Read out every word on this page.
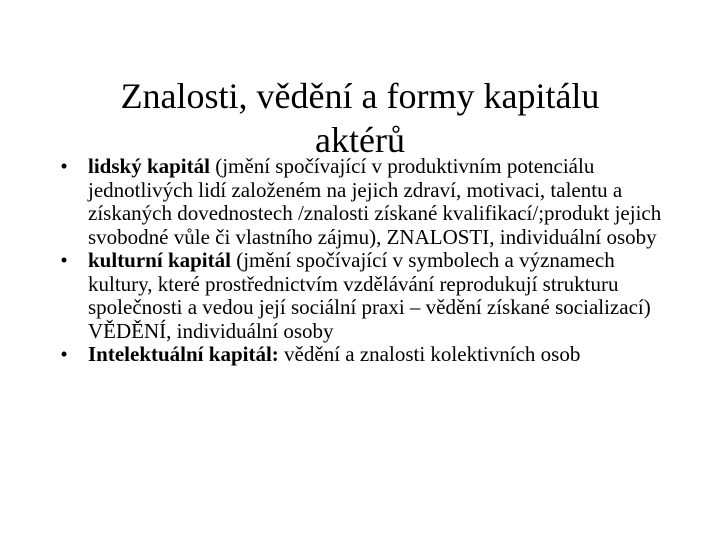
Znalosti, vědění a formy kapitálu
aktérů
• lidský kapitál (jmění spočívající v produktivním potenciálu jednotlivých lidí založeném na jejich zdraví, motivaci, talentu a získaných dovednostech /znalosti získané kvalifikací/;produkt jejich svobodné vůle či vlastního zájmu), ZNALOSTI, individuální osoby
• kulturní kapitál (jmění spočívající v symbolech a významech kultury, které prostřednictvím vzdělávání reprodukují strukturu společnosti a vedou její sociální praxi – vědění získané socializací) VĚDĚNÍ, individuální osoby
• Intelektuální kapitál: vědění a znalosti kolektivních osob
